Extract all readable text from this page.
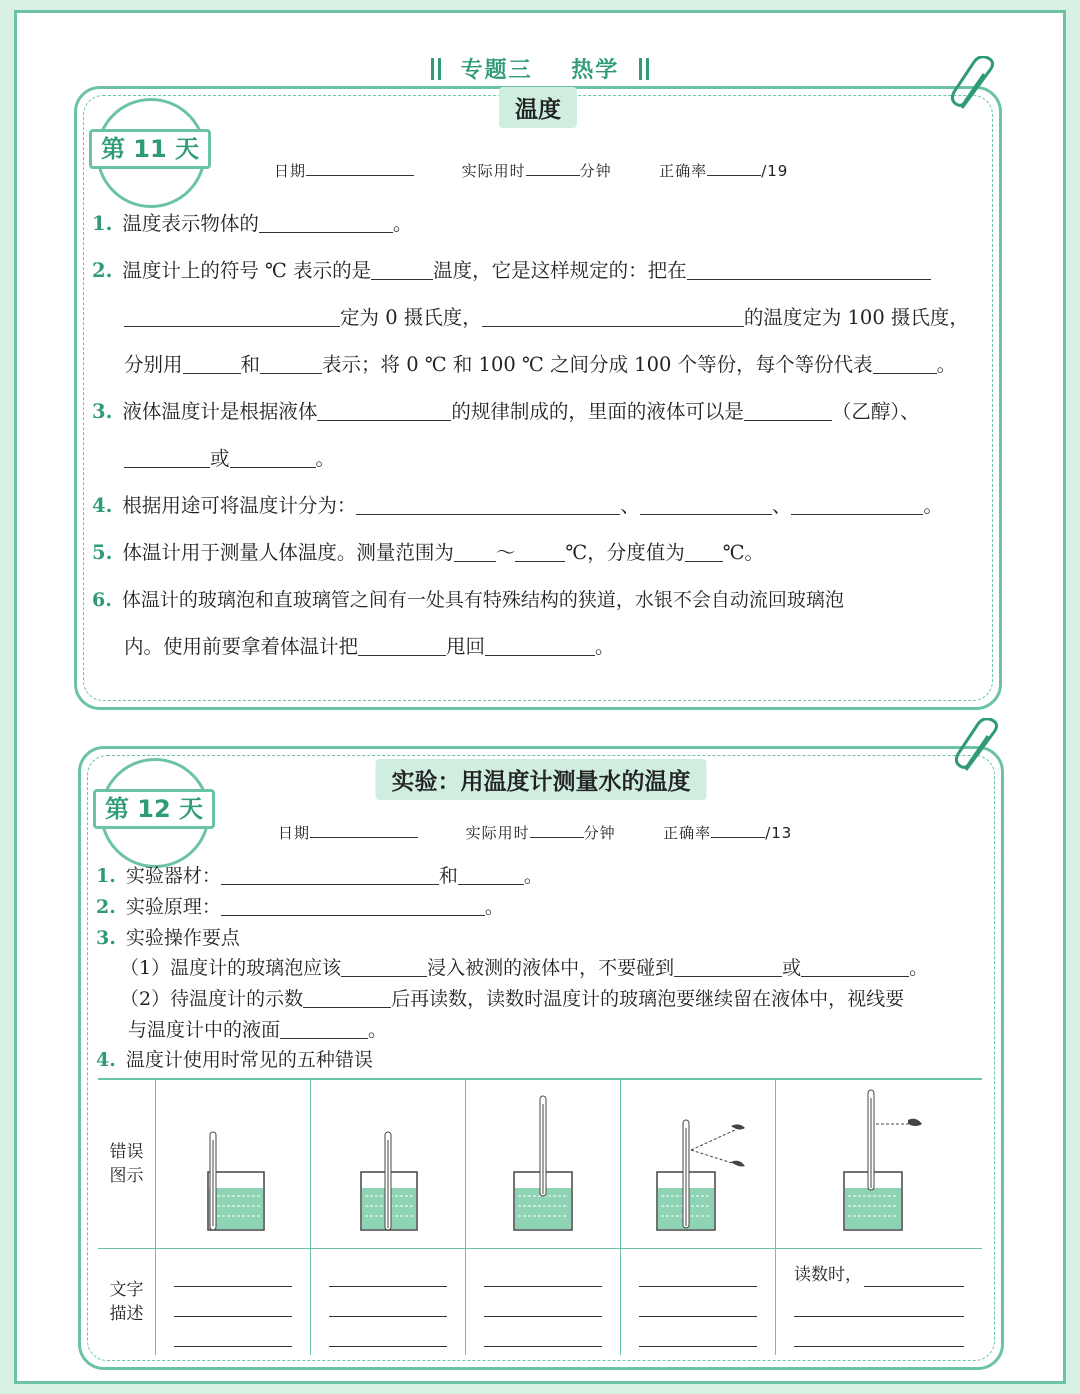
专题三    热学
温度
第 11 天
日期	实际用时	分钟	正确率	/19
1. 温度表示物体的	。
2. 温度计上的符号 ℃ 表示的是	温度，它是这样规定的：把在
定为 0 摄氏度，	的温度定为 100 摄氏度，
分别用	和	表示；将 0 ℃ 和 100 ℃ 之间分成 100 个等份，每个等份代表	。
3. 液体温度计是根据液体	的规律制成的，里面的液体可以是	（乙醇）、
或	。
4. 根据用途可将温度计分为：	、	、	。
5. 体温计用于测量人体温度。测量范围为 ～	℃，分度值为 ℃。
6. 体温计的玻璃泡和直玻璃管之间有一处具有特殊结构的狭道，水银不会自动流回玻璃泡
内。使用前要拿着体温计把	甩回	。
实验：用温度计测量水的温度
第 12 天
日期	实际用时	分钟	正确率	/13
1. 实验器材：	和	。
2. 实验原理：	。
3. 实验操作要点
（1）温度计的玻璃泡应该	浸入被测的液体中，不要碰到	或	。
（2）待温度计的示数	后再读数，读数时温度计的玻璃泡要继续留在液体中，视线要
与温度计中的液面	。
4. 温度计使用时常见的五种错误
错误
图示					
文字
描述					读数时，
